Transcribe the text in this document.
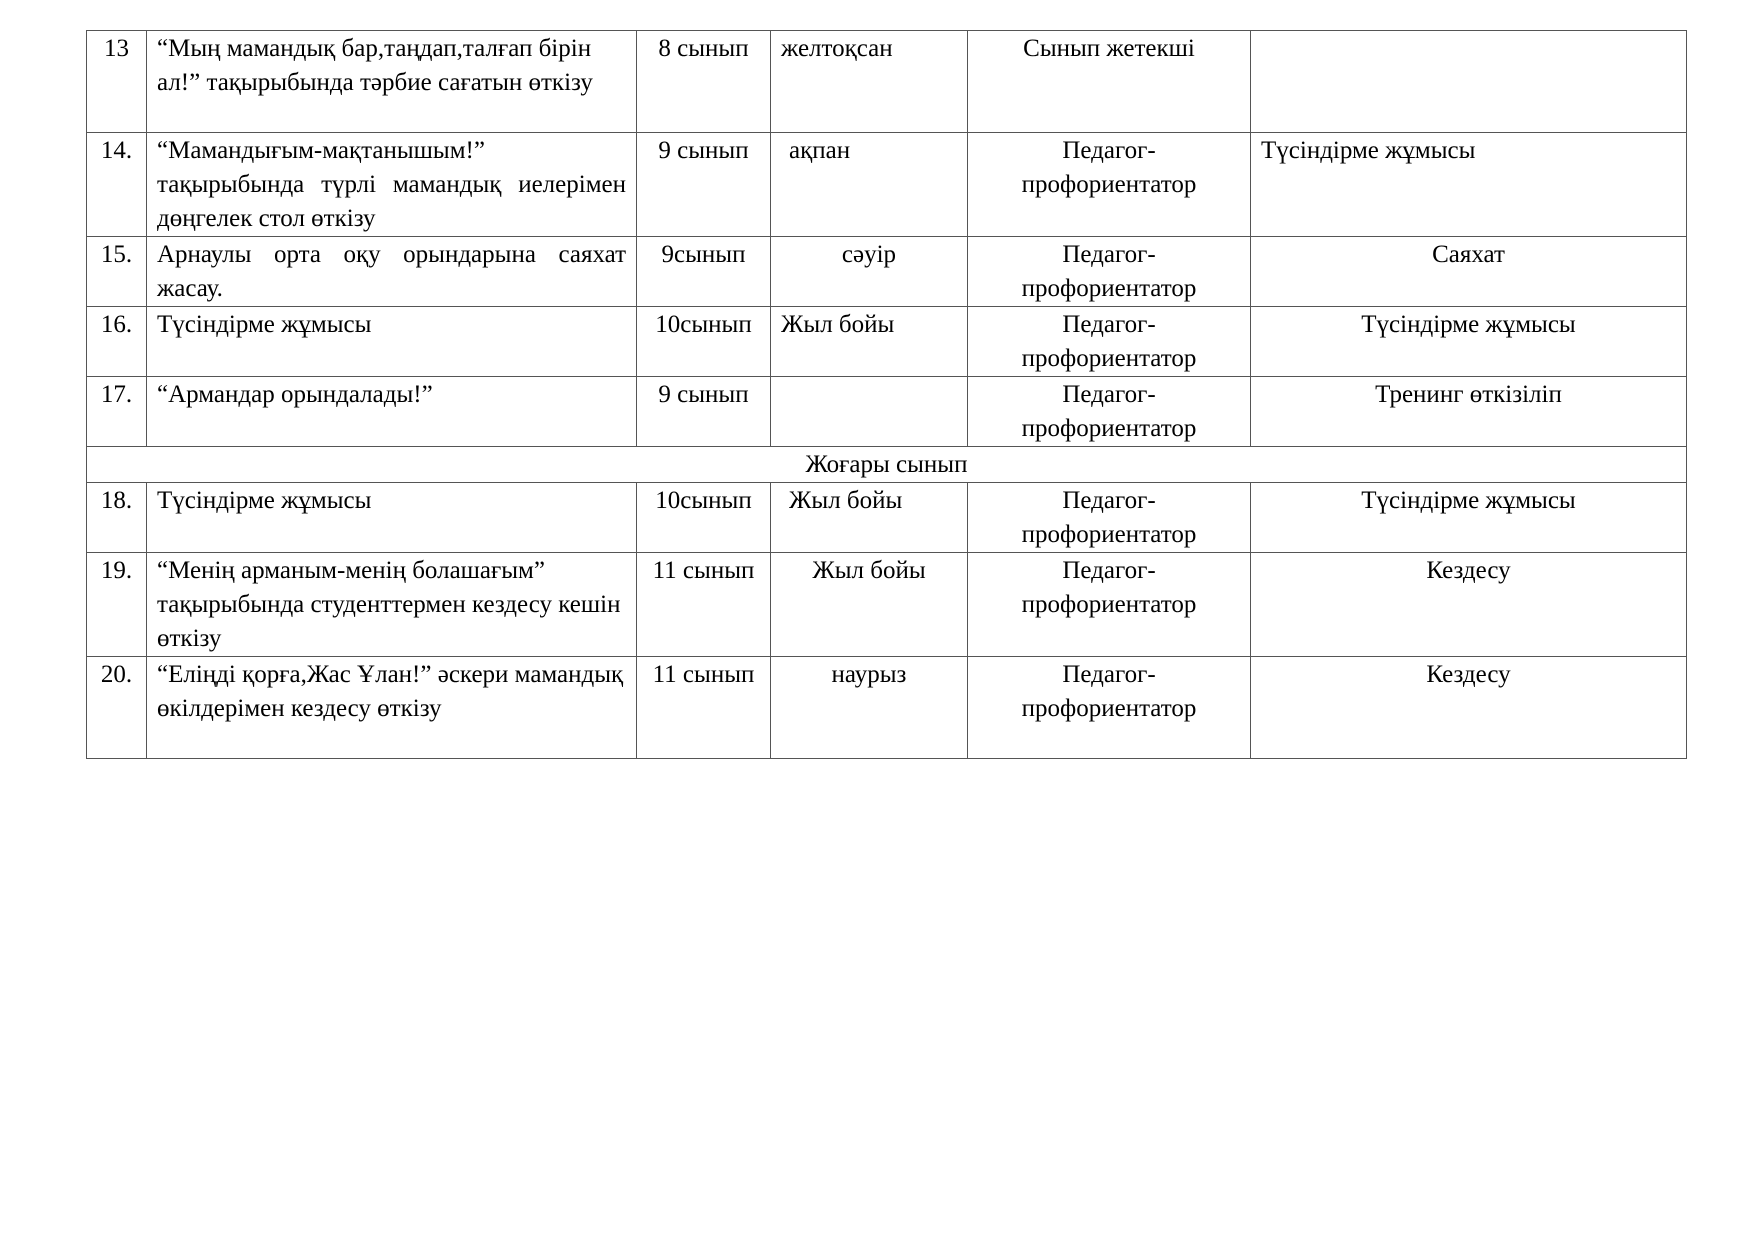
13	“Мың мамандық бар,таңдап,талғап бірін ал!” тақырыбында тәрбие сағатын өткізу	8 сынып	желтоқсан	Сынып жетекші	
14.	“Мамандығым-мақтанышым!” тақырыбында түрлі мамандық иелерімен дөңгелек стол өткізу	9 сынып	ақпан	Педагог-профориентатор	Түсіндірме жұмысы
15.	Арнаулы орта оқу орындарына саяхат жасау.	9сынып	сәуір	Педагог-профориентатор	Саяхат
16.	Түсіндірме жұмысы	10сынып	Жыл бойы	Педагог-профориентатор	Түсіндірме жұмысы
17.	“Армандар орындалады!”	9 сынып		Педагог-профориентатор	Тренинг өткізіліп
Жоғары сынып					
18.	Түсіндірме жұмысы	10сынып	Жыл бойы	Педагог-профориентатор	Түсіндірме жұмысы
19.	“Менің арманым-менің болашағым” тақырыбында студенттермен кездесу кешін өткізу	11 сынып	Жыл бойы	Педагог-профориентатор	Кездесу
20.	“Еліңді қорға,Жас Ұлан!” әскери мамандық өкілдерімен кездесу өткізу	11 сынып	наурыз	Педагог-профориентатор	Кездесу
